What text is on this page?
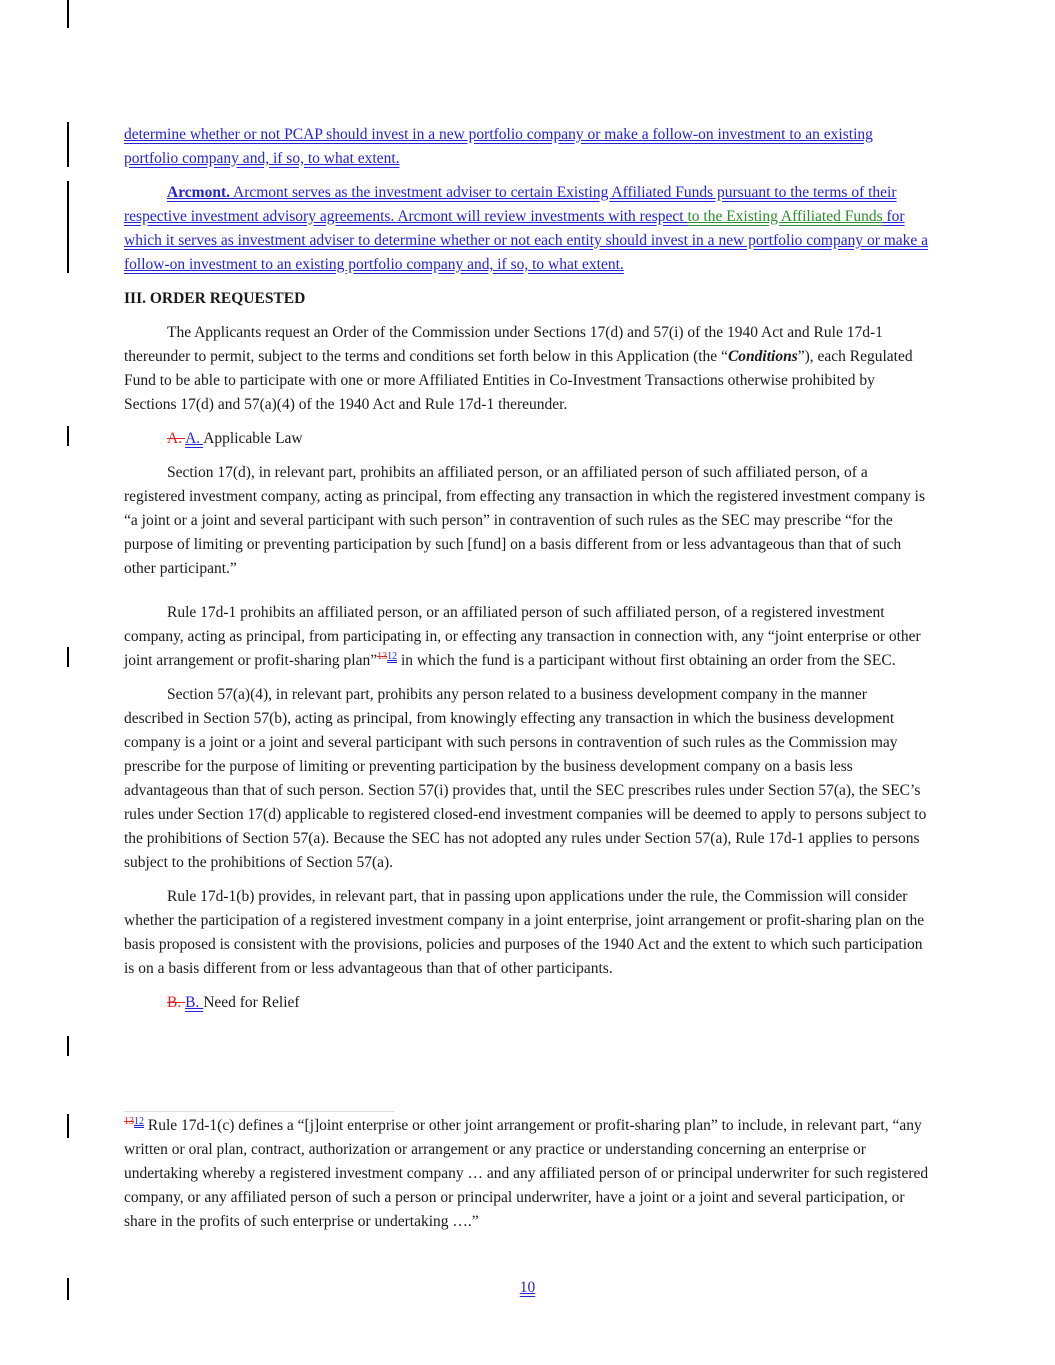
determine whether or not PCAP should invest in a new portfolio company or make a follow-on investment to an existing portfolio company and, if so, to what extent.

Arcmont. Arcmont serves as the investment adviser to certain Existing Affiliated Funds pursuant to the terms of their respective investment advisory agreements. Arcmont will review investments with respect to the Existing Affiliated Funds for which it serves as investment adviser to determine whether or not each entity should invest in a new portfolio company or make a follow-on investment to an existing portfolio company and, if so, to what extent.

III. ORDER REQUESTED

The Applicants request an Order of the Commission under Sections 17(d) and 57(i) of the 1940 Act and Rule 17d-1 thereunder to permit, subject to the terms and conditions set forth below in this Application (the “Conditions”), each Regulated Fund to be able to participate with one or more Affiliated Entities in Co-Investment Transactions otherwise prohibited by Sections 17(d) and 57(a)(4) of the 1940 Act and Rule 17d-1 thereunder.

A. A. Applicable Law

Section 17(d), in relevant part, prohibits an affiliated person, or an affiliated person of such affiliated person, of a registered investment company, acting as principal, from effecting any transaction in which the registered investment company is “a joint or a joint and several participant with such person” in contravention of such rules as the SEC may prescribe “for the purpose of limiting or preventing participation by such [fund] on a basis different from or less advantageous than that of such other participant.”

Rule 17d-1 prohibits an affiliated person, or an affiliated person of such affiliated person, of a registered investment company, acting as principal, from participating in, or effecting any transaction in connection with, any “joint enterprise or other joint arrangement or profit-sharing plan”$^{1312}$ in which the fund is a participant without first obtaining an order from the SEC.

Section 57(a)(4), in relevant part, prohibits any person related to a business development company in the manner described in Section 57(b), acting as principal, from knowingly effecting any transaction in which the business development company is a joint or a joint and several participant with such persons in contravention of such rules as the Commission may prescribe for the purpose of limiting or preventing participation by the business development company on a basis less advantageous than that of such person. Section 57(i) provides that, until the SEC prescribes rules under Section 57(a), the SEC’s rules under Section 17(d) applicable to registered closed-end investment companies will be deemed to apply to persons subject to the prohibitions of Section 57(a). Because the SEC has not adopted any rules under Section 57(a), Rule 17d-1 applies to persons subject to the prohibitions of Section 57(a).

Rule 17d-1(b) provides, in relevant part, that in passing upon applications under the rule, the Commission will consider whether the participation of a registered investment company in a joint enterprise, joint arrangement or profit-sharing plan on the basis proposed is consistent with the provisions, policies and purposes of the 1940 Act and the extent to which such participation is on a basis different from or less advantageous than that of other participants.

B. B. Need for Relief

$^{1312}$ Rule 17d-1(c) defines a “[j]oint enterprise or other joint arrangement or profit-sharing plan” to include, in relevant part, “any written or oral plan, contract, authorization or arrangement or any practice or understanding concerning an enterprise or undertaking whereby a registered investment company … and any affiliated person of or principal underwriter for such registered company, or any affiliated person of such a person or principal underwriter, have a joint or a joint and several participation, or share in the profits of such enterprise or undertaking ….”
10
